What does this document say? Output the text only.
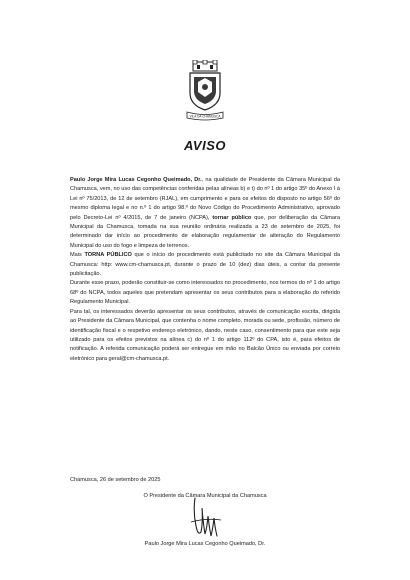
VILA DA CHAMUSCA
AVISO

Paulo Jorge Mira Lucas Cegonho Queimado, Dr., na qualidade de Presidente da Câmara Municipal da Chamusca, vem, no uso das competências conferidas pelas alíneas b) e t) do nº 1 do artigo 35º do Anexo I à Lei nº 75/2013, de 12 de setembro (RJAL), em cumprimento e para os efeitos do disposto no artigo 56º do mesmo diploma legal e no n.º 1 do artigo 98.º do Novo Código do Procedimento Administrativo, aprovado pelo Decreto-Lei nº 4/2015, de 7 de janeiro (NCPA), tornar público que, por deliberação da Câmara Municipal da Chamusca, tomada na sua reunião ordinária realizada a 23 de setembro de 2025, foi determinado dar início ao procedimento de elaboração regulamentar de alteração do Regulamento Municipal do uso do fogo e limpeza de terrenos.

Mais TORNA PÚBLICO que o início do procedimento está publicitado no site da Câmara Municipal da Chamusca: http: www.cm-chamusca.pt, durante o prazo de 10 (dez) dias úteis, a contar da presente publicitação.

Durante esse prazo, poderão constituir-se como interessados no procedimento, nos termos do nº 1 do artigo 68º do NCPA, todos aqueles que pretendam apresentar os seus contributos para a elaboração do referido Regulamento Municipal.

Para tal, os interessados deverão apresentar os seus contributos, através de comunicação escrita, dirigida ao Presidente da Câmara Municipal, que contenha o nome completo, morada ou sede, profissão, número de identificação fiscal e o respetivo endereço eletrónico, dando, neste caso, consentimento para que este seja utilizado para os efeitos previstos na alínea c) do nº 1 do artigo 112º do CPA, isto é, para efeitos de notificação. A referida comunicação poderá ser entregue em mão no Balcão Único ou enviada por correio eletrónico para geral@cm-chamusca.pt.

Chamusca, 26 de setembro de 2025
O Presidente da Câmara Municipal da Chamusca
Paulo Jorge Mira Lucas Cegonho Queimado, Dr.
